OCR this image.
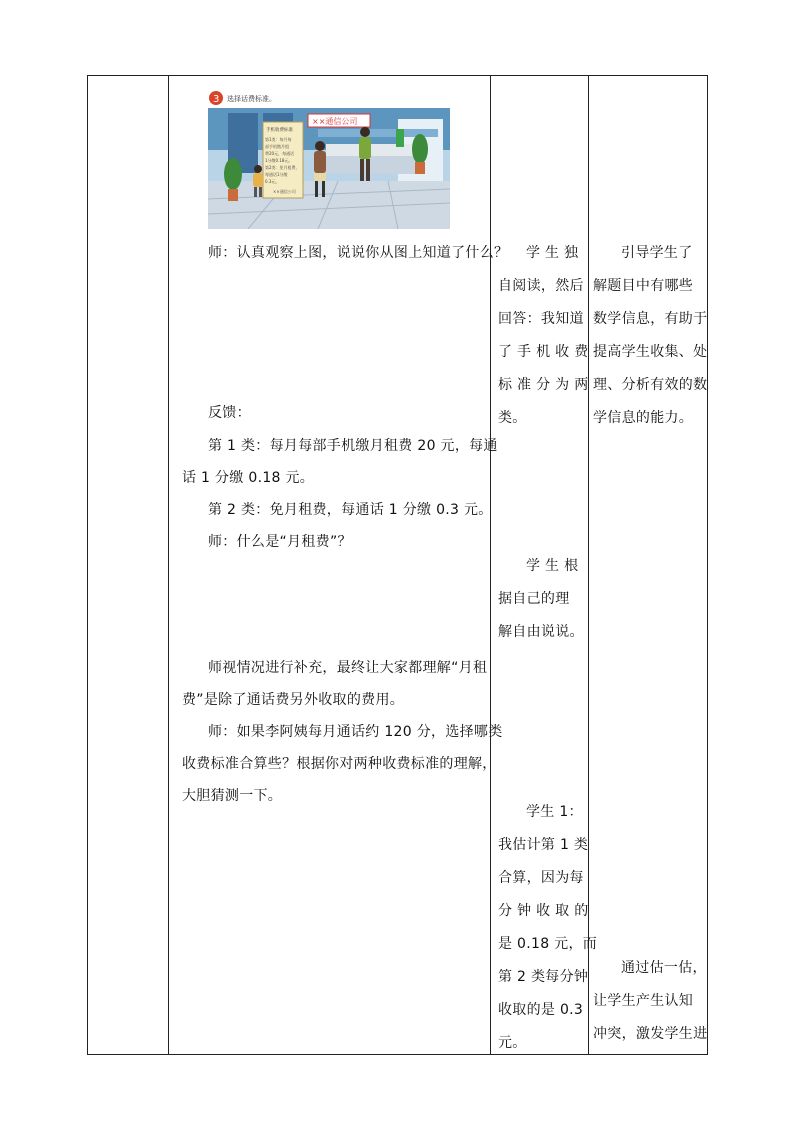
3 选择话费标准。
××通信公司
手机收费标准
第1类：每月每
部手机缴月租
费20元，每通话
1分缴0.18元。
第2类：免月租费，
每通话1分缴
0.3元。
××通信公司
师：认真观察上图，说说你从图上知道了什么？
反馈：
第 1 类：每月每部手机缴月租费 20 元，每通
话 1 分缴 0.18 元。
第 2 类：免月租费，每通话 1 分缴 0.3 元。
师：什么是“月租费”？
师视情况进行补充，最终让大家都理解“月租
费”是除了通话费另外收取的费用。
师：如果李阿姨每月通话约 120 分，选择哪类
收费标准合算些？根据你对两种收费标准的理解，
大胆猜测一下。
学 生 独
自阅读，然后
回答：我知道
了 手 机 收 费
标 准 分 为 两
类。
学 生 根
据自己的理
解自由说说。
学生 1：
我估计第 1 类
合算，因为每
分 钟 收 取 的
是 0.18 元，而
第 2 类每分钟
收取的是 0.3
元。
引导学生了
解题目中有哪些
数学信息，有助于
提高学生收集、处
理、分析有效的数
学信息的能力。
通过估一估，
让学生产生认知
冲突，激发学生进
